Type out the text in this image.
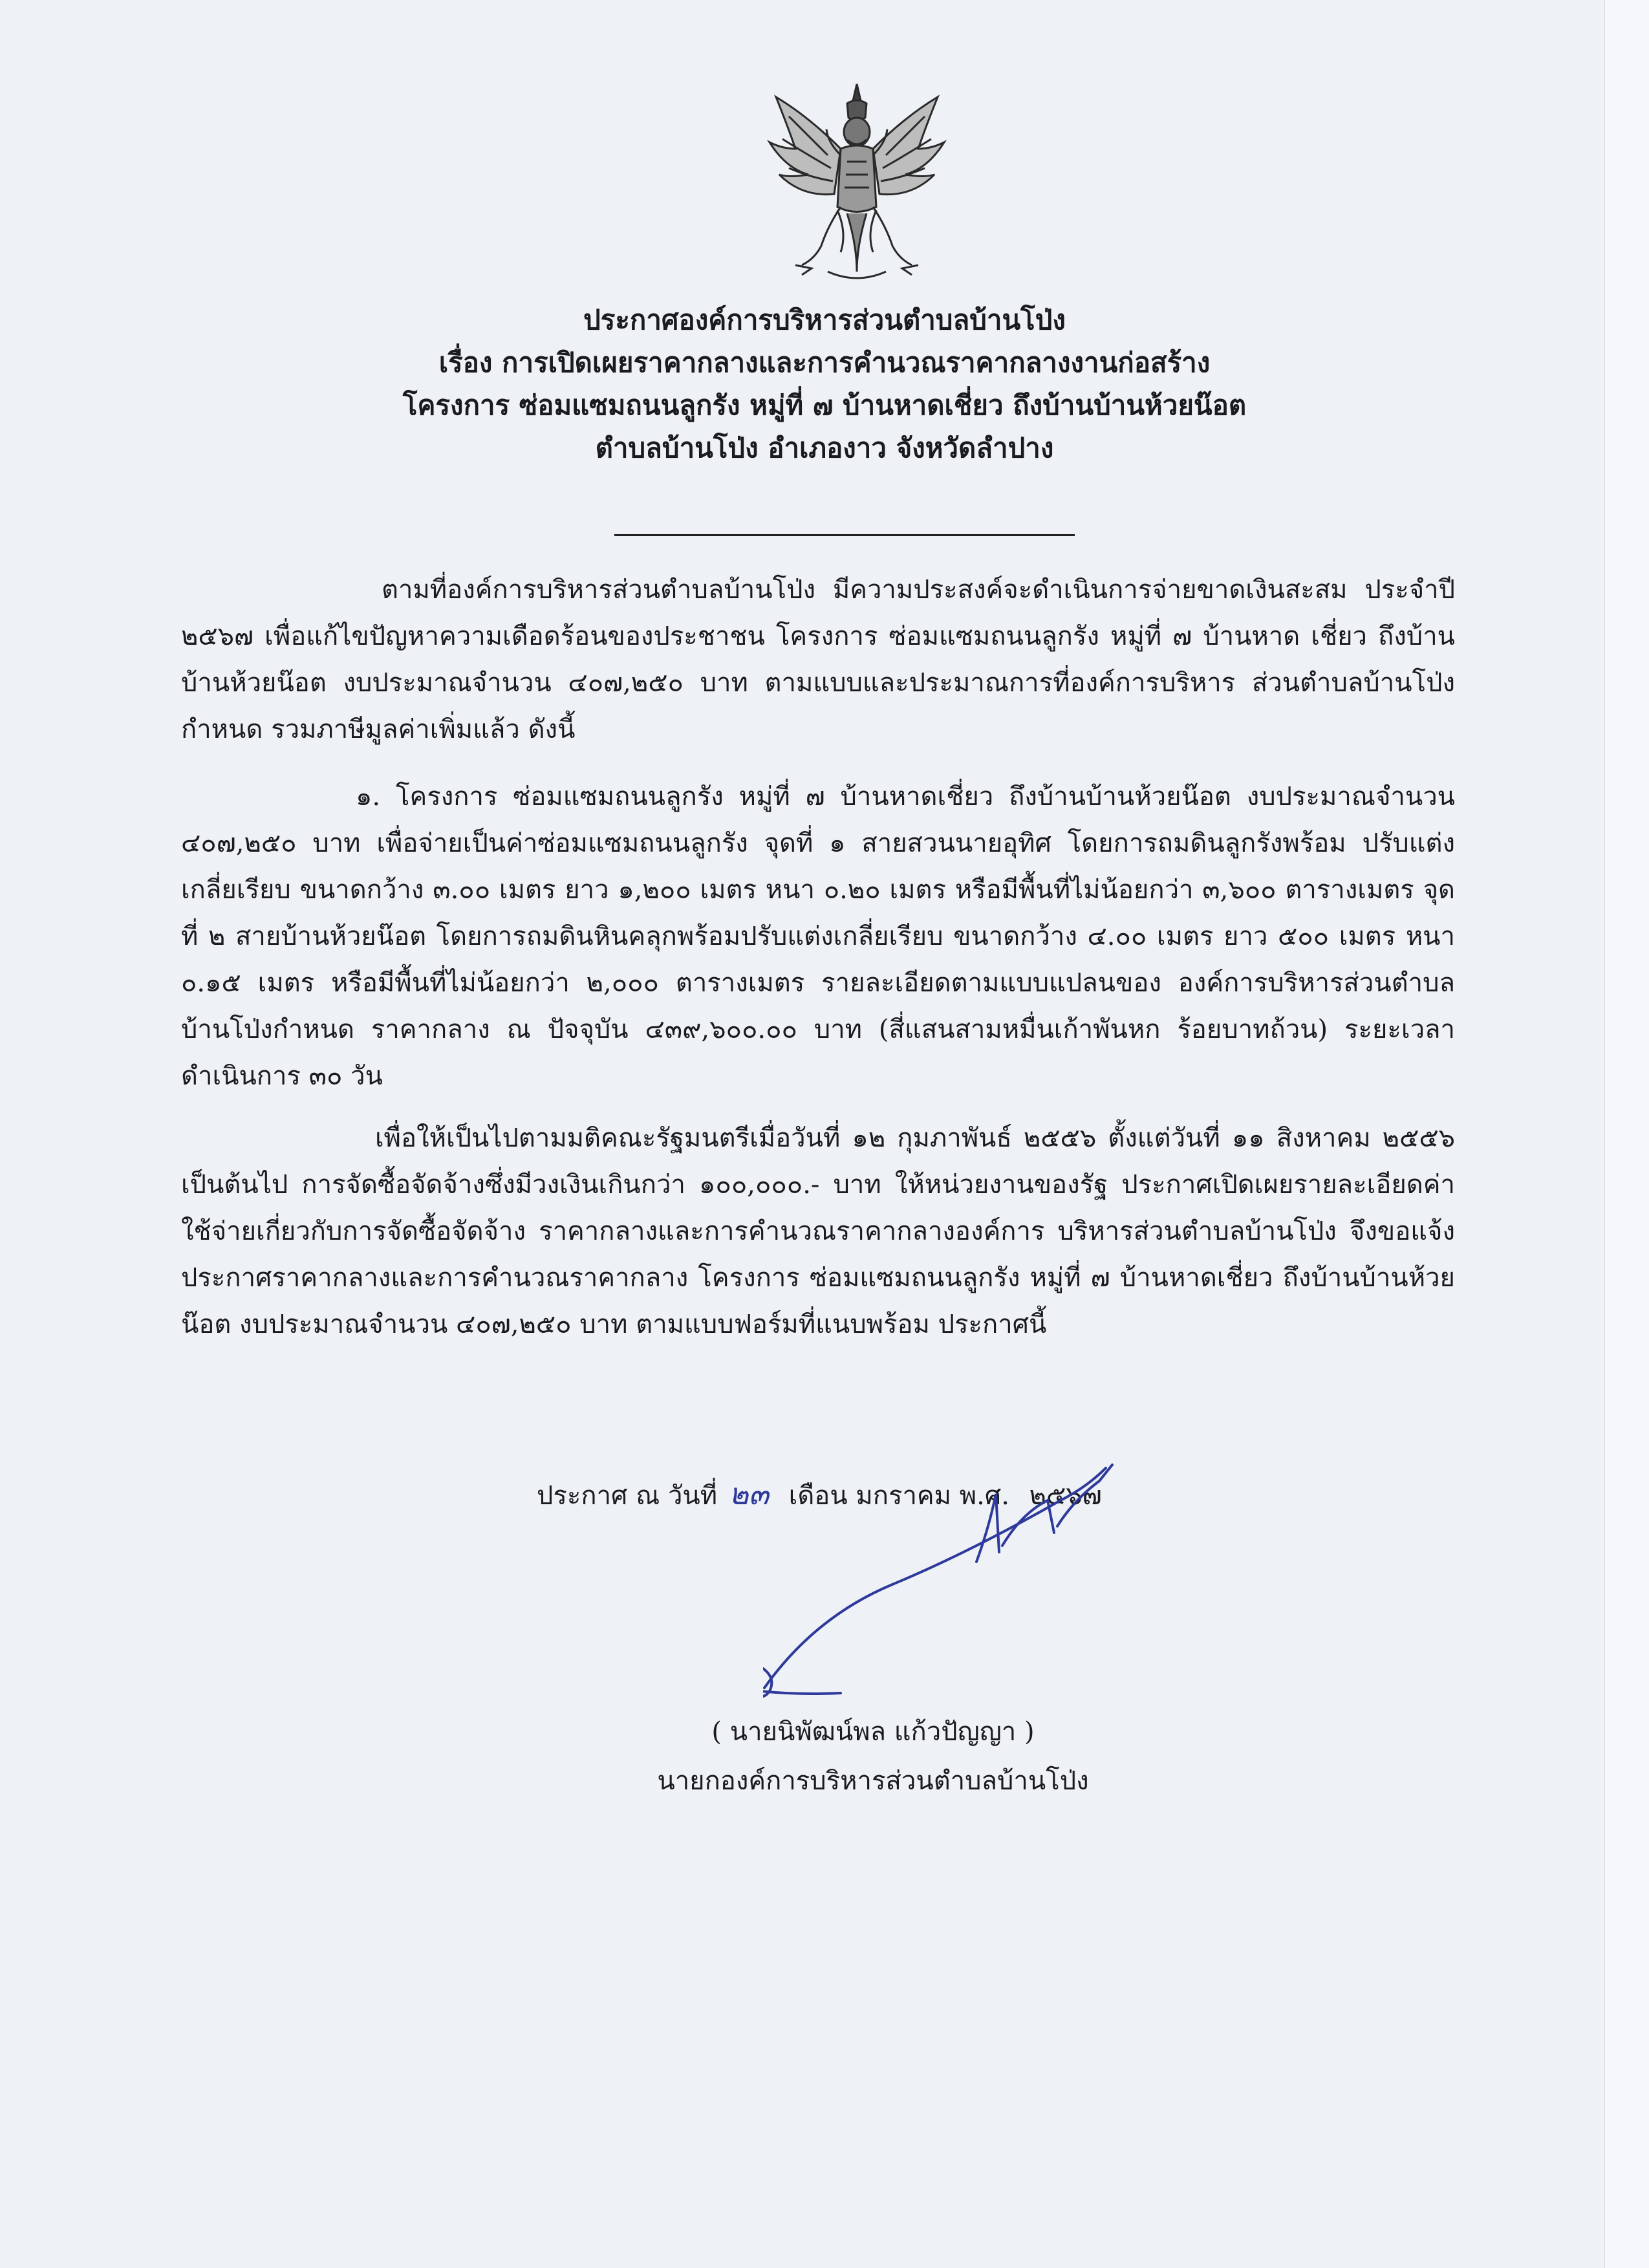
ประกาศองค์การบริหารส่วนตำบลบ้านโป่ง
เรื่อง การเปิดเผยราคากลางและการคำนวณราคากลางงานก่อสร้าง
โครงการ ซ่อมแซมถนนลูกรัง หมู่ที่ ๗ บ้านหาดเชี่ยว ถึงบ้านบ้านห้วยน๊อต
ตำบลบ้านโป่ง อำเภองาว จังหวัดลำปาง
ตามที่องค์การบริหารส่วนตำบลบ้านโป่ง มีความประสงค์จะดำเนินการจ่ายขาดเงินสะสม ประจำปี ๒๕๖๗ เพื่อแก้ไขปัญหาความเดือดร้อนของประชาชน โครงการ ซ่อมแซมถนนลูกรัง หมู่ที่ ๗ บ้านหาด เชี่ยว ถึงบ้านบ้านห้วยน๊อต งบประมาณจำนวน ๔๐๗,๒๕๐ บาท ตามแบบและประมาณการที่องค์การบริหาร ส่วนตำบลบ้านโป่งกำหนด รวมภาษีมูลค่าเพิ่มแล้ว ดังนี้
๑. โครงการ ซ่อมแซมถนนลูกรัง หมู่ที่ ๗ บ้านหาดเชี่ยว ถึงบ้านบ้านห้วยน๊อต งบประมาณจำนวน ๔๐๗,๒๕๐ บาท เพื่อจ่ายเป็นค่าซ่อมแซมถนนลูกรัง จุดที่ ๑ สายสวนนายอุทิศ โดยการถมดินลูกรังพร้อม ปรับแต่งเกลี่ยเรียบ ขนาดกว้าง ๓.๐๐ เมตร ยาว ๑,๒๐๐ เมตร หนา ๐.๒๐ เมตร หรือมีพื้นที่ไม่น้อยกว่า ๓,๖๐๐ ตารางเมตร จุดที่ ๒ สายบ้านห้วยน๊อต โดยการถมดินหินคลุกพร้อมปรับแต่งเกลี่ยเรียบ ขนาดกว้าง ๔.๐๐ เมตร ยาว ๕๐๐ เมตร หนา ๐.๑๕ เมตร หรือมีพื้นที่ไม่น้อยกว่า ๒,๐๐๐ ตารางเมตร รายละเอียดตามแบบแปลนของ องค์การบริหารส่วนตำบลบ้านโป่งกำหนด ราคากลาง ณ ปัจจุบัน ๔๓๙,๖๐๐.๐๐ บาท (สี่แสนสามหมื่นเก้าพันหก ร้อยบาทถ้วน) ระยะเวลาดำเนินการ ๓๐ วัน
เพื่อให้เป็นไปตามมติคณะรัฐมนตรีเมื่อวันที่ ๑๒ กุมภาพันธ์ ๒๕๕๖ ตั้งแต่วันที่ ๑๑ สิงหาคม ๒๕๕๖ เป็นต้นไป การจัดซื้อจัดจ้างซึ่งมีวงเงินเกินกว่า ๑๐๐,๐๐๐.- บาท ให้หน่วยงานของรัฐ ประกาศเปิดเผยรายละเอียดค่าใช้จ่ายเกี่ยวกับการจัดซื้อจัดจ้าง ราคากลางและการคำนวณราคากลางองค์การ บริหารส่วนตำบลบ้านโป่ง จึงขอแจ้งประกาศราคากลางและการคำนวณราคากลาง โครงการ ซ่อมแซมถนนลูกรัง หมู่ที่ ๗ บ้านหาดเชี่ยว ถึงบ้านบ้านห้วยน๊อต งบประมาณจำนวน ๔๐๗,๒๕๐ บาท ตามแบบฟอร์มที่แนบพร้อม ประกาศนี้
ประกาศ ณ วันที่ ๒๓ เดือน มกราคม พ.ศ. ๒๕๖๗
( นายนิพัฒน์พล แก้วปัญญา )
นายกองค์การบริหารส่วนตำบลบ้านโป่ง
